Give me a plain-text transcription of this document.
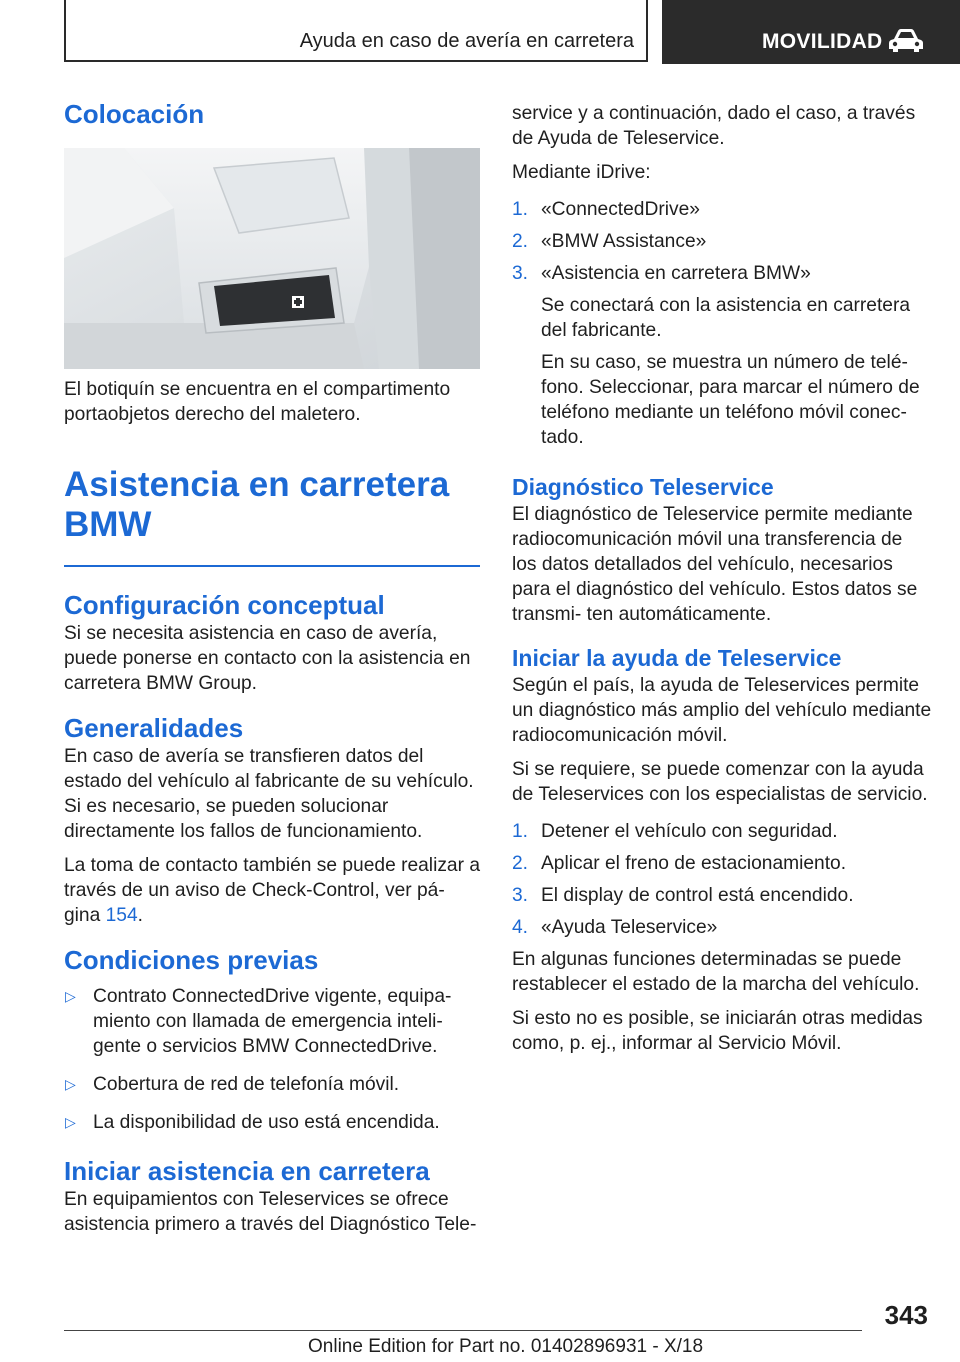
Ayuda en caso de avería en carretera	MOVILIDAD
Colocación

El botiquín se encuentra en el compartimento portaobjetos derecho del maletero.

Asistencia en carretera
BMW
Configuración conceptual

Si se necesita asistencia en caso de avería, puede ponerse en contacto con la asistencia en carretera BMW Group.

Generalidades

En caso de avería se transfieren datos del estado del vehículo al fabricante de su vehículo. Si es necesario, se pueden solucionar directamente los fallos de funcionamiento.

La toma de contacto también se puede realizar a través de un aviso de Check-Control, ver pá- gina 154.

Condiciones previas
▷ Contrato ConnectedDrive vigente, equipa- miento con llamada de emergencia inteli- gente o servicios BMW ConnectedDrive.
▷ Cobertura de red de telefonía móvil.
▷ La disponibilidad de uso está encendida.
Iniciar asistencia en carretera

En equipamientos con Teleservices se ofrece asistencia primero a través del Diagnóstico Tele-

service y a continuación, dado el caso, a través de Ayuda de Teleservice.

Mediante iDrive:

1. «ConnectedDrive»
2. «BMW Assistance»
3. «Asistencia en carretera BMW»
Se conectará con la asistencia en carretera del fabricante.
En su caso, se muestra un número de telé- fono. Seleccionar, para marcar el número de teléfono mediante un teléfono móvil conec- tado.
Diagnóstico Teleservice

El diagnóstico de Teleservice permite mediante radiocomunicación móvil una transferencia de los datos detallados del vehículo, necesarios para el diagnóstico del vehículo. Estos datos se transmi- ten automáticamente.

Iniciar la ayuda de Teleservice

Según el país, la ayuda de Teleservices permite un diagnóstico más amplio del vehículo mediante radiocomunicación móvil.

Si se requiere, se puede comenzar con la ayuda de Teleservices con los especialistas de servicio.

1. Detener el vehículo con seguridad.
2. Aplicar el freno de estacionamiento.
3. El display de control está encendido.
4. «Ayuda Teleservice»

En algunas funciones determinadas se puede restablecer el estado de la marcha del vehículo.

Si esto no es posible, se iniciarán otras medidas como, p. ej., informar al Servicio Móvil.

343
Online Edition for Part no. 01402896931 - X/18
